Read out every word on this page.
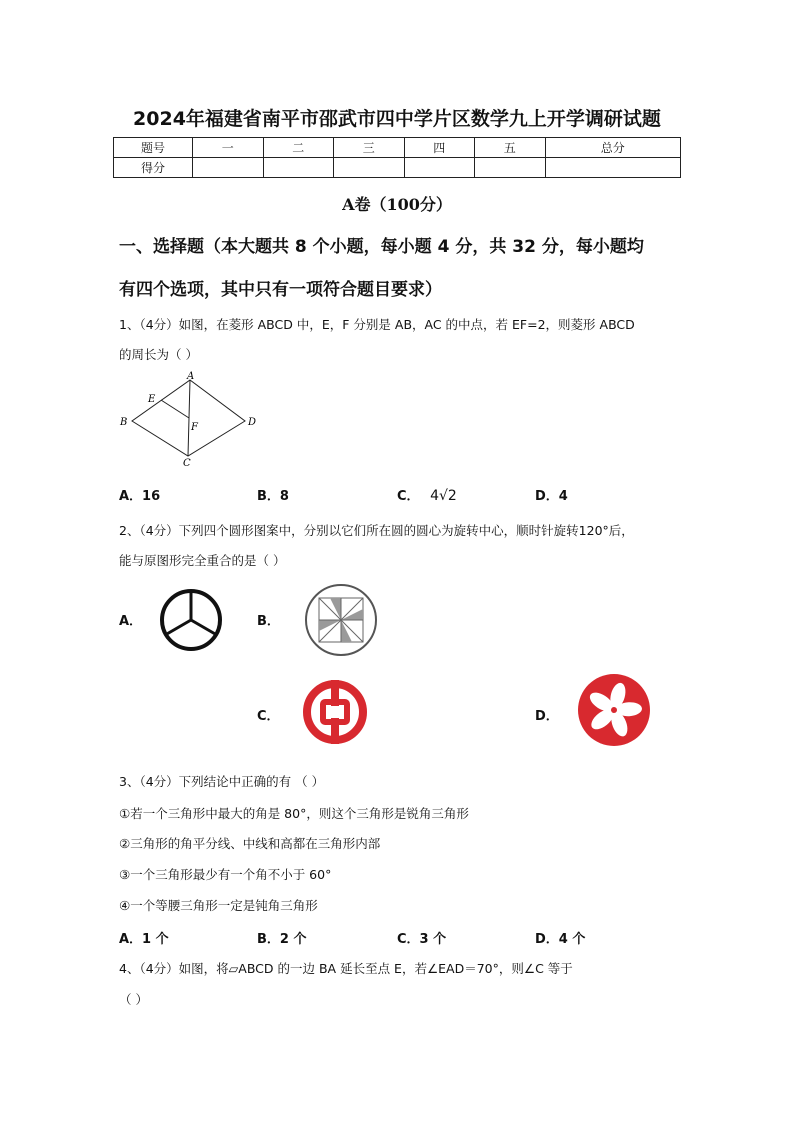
2024年福建省南平市邵武市四中学片区数学九上开学调研试题
题号	一	二	三	四	五	总分
得分						
A卷（100分）
一、选择题（本大题共 8 个小题，每小题 4 分，共 32 分，每小题均
有四个选项，其中只有一项符合题目要求）
1、（4分）如图，在菱形 ABCD 中，E，F 分别是 AB，AC 的中点，若 EF=2，则菱形 ABCD
的周长为（ ）
A
B
C
D
E
F
A．16	B．8	C． 4√2	D．4
2、（4分）下列四个圆形图案中，分别以它们所在圆的圆心为旋转中心，顺时针旋转120°后，
能与原图形完全重合的是（ ）
A．	B．
C．	D．
3、（4分）下列结论中正确的有 （ ）
①若一个三角形中最大的角是 80°，则这个三角形是锐角三角形
②三角形的角平分线、中线和高都在三角形内部
③一个三角形最少有一个角不小于 60°
④一个等腰三角形一定是钝角三角形
A．1 个	B．2 个	C．3 个	D．4 个
4、（4分）如图，将▱ABCD 的一边 BA 延长至点 E，若∠EAD＝70°，则∠C 等于
（ ）
